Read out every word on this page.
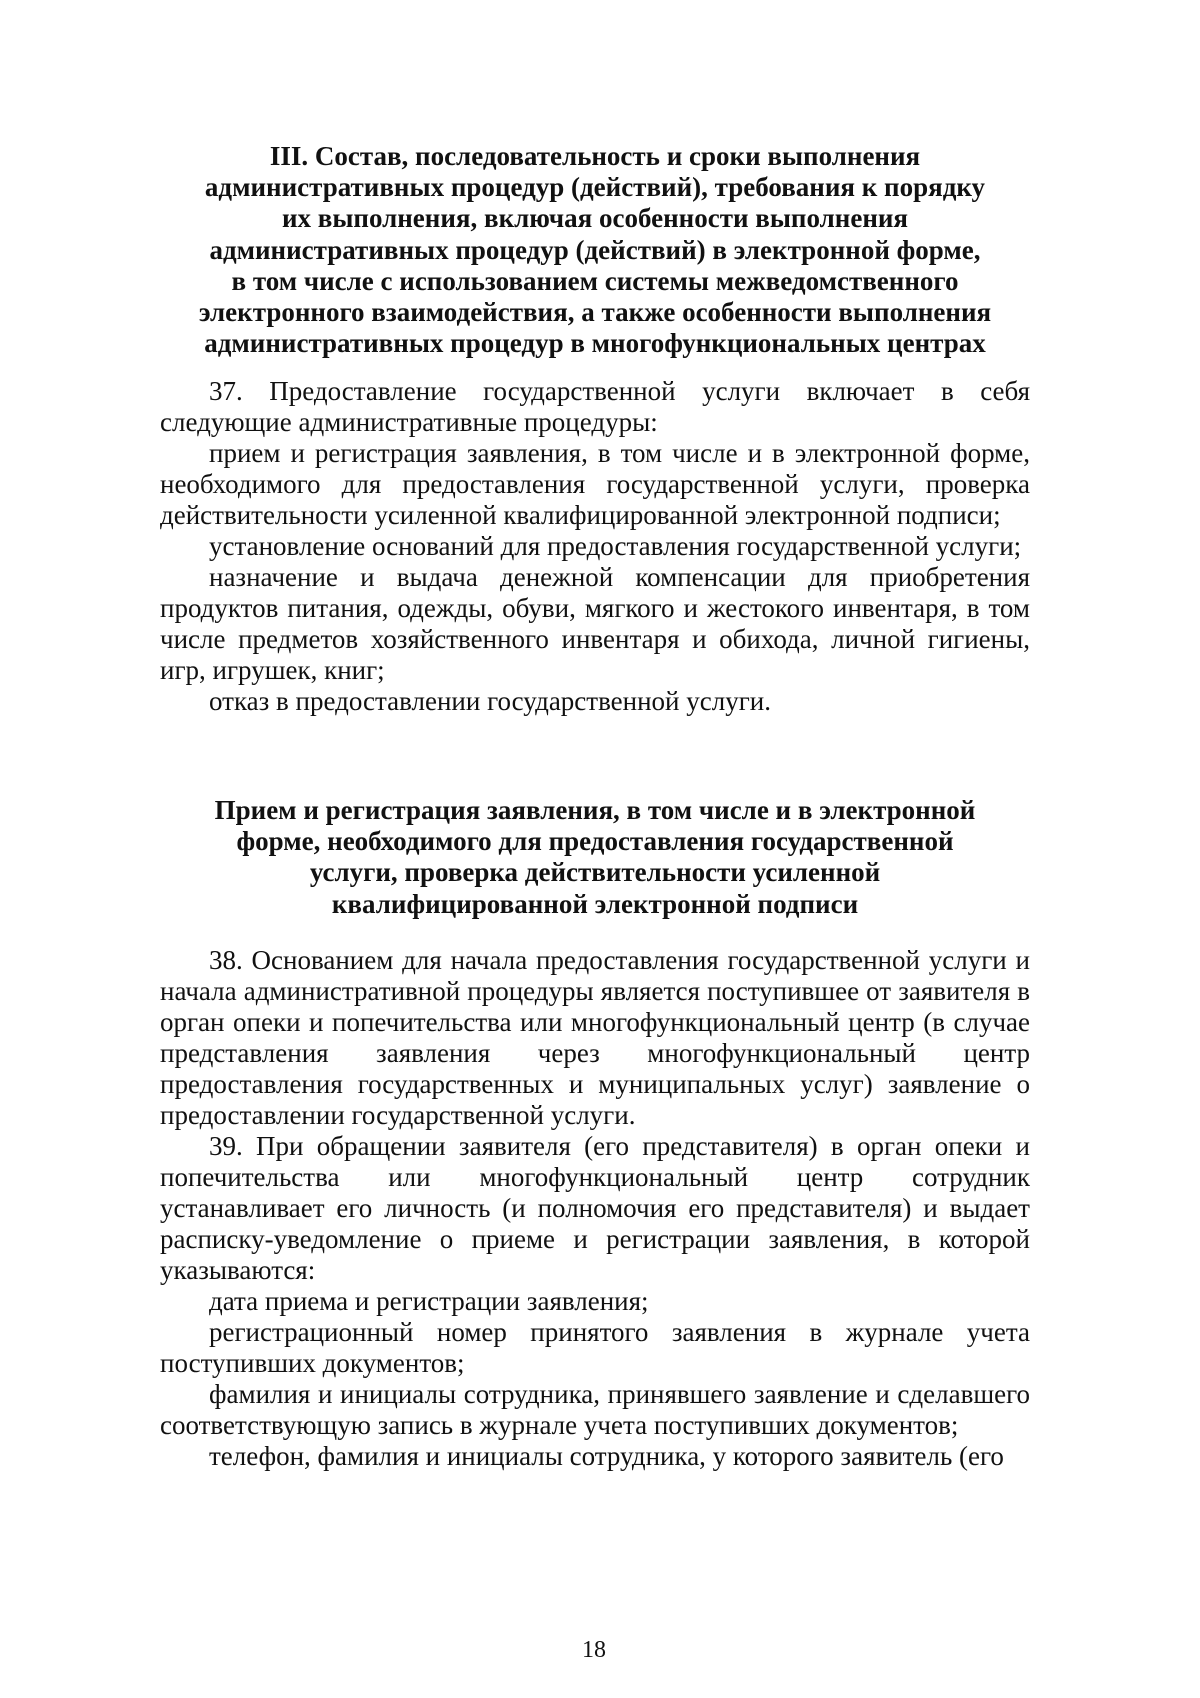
III. Состав, последовательность и сроки выполнения
административных процедур (действий), требования к порядку
их выполнения, включая особенности выполнения
административных процедур (действий) в электронной форме,
в том числе с использованием системы межведомственного
электронного взаимодействия, а также особенности выполнения
административных процедур в многофункциональных центрах

37. Предоставление государственной услуги включает в себя следующие административные процедуры:

прием и регистрация заявления, в том числе и в электронной форме, необходимого для предоставления государственной услуги, проверка действительности усиленной квалифицированной электронной подписи;

установление оснований для предоставления государственной услуги;

назначение и выдача денежной компенсации для приобретения продуктов питания, одежды, обуви, мягкого и жестокого инвентаря, в том числе предметов хозяйственного инвентаря и обихода, личной гигиены, игр, игрушек, книг;

отказ в предоставлении государственной услуги.

Прием и регистрация заявления, в том числе и в электронной
форме, необходимого для предоставления государственной
услуги, проверка действительности усиленной
квалифицированной электронной подписи

38. Основанием для начала предоставления государственной услуги и начала административной процедуры является поступившее от заявителя в орган опеки и попечительства или многофункциональный центр (в случае представления заявления через многофункциональный центр предоставления государственных и муниципальных услуг) заявление о предоставлении государственной услуги.

39. При обращении заявителя (его представителя) в орган опеки и попечительства или многофункциональный центр сотрудник устанавливает его личность (и полномочия его представителя) и выдает расписку-уведомление о приеме и регистрации заявления, в которой указываются:

дата приема и регистрации заявления;

регистрационный номер принятого заявления в журнале учета поступивших документов;

фамилия и инициалы сотрудника, принявшего заявление и сделавшего соответствующую запись в журнале учета поступивших документов;

телефон, фамилия и инициалы сотрудника, у которого заявитель (его

18
